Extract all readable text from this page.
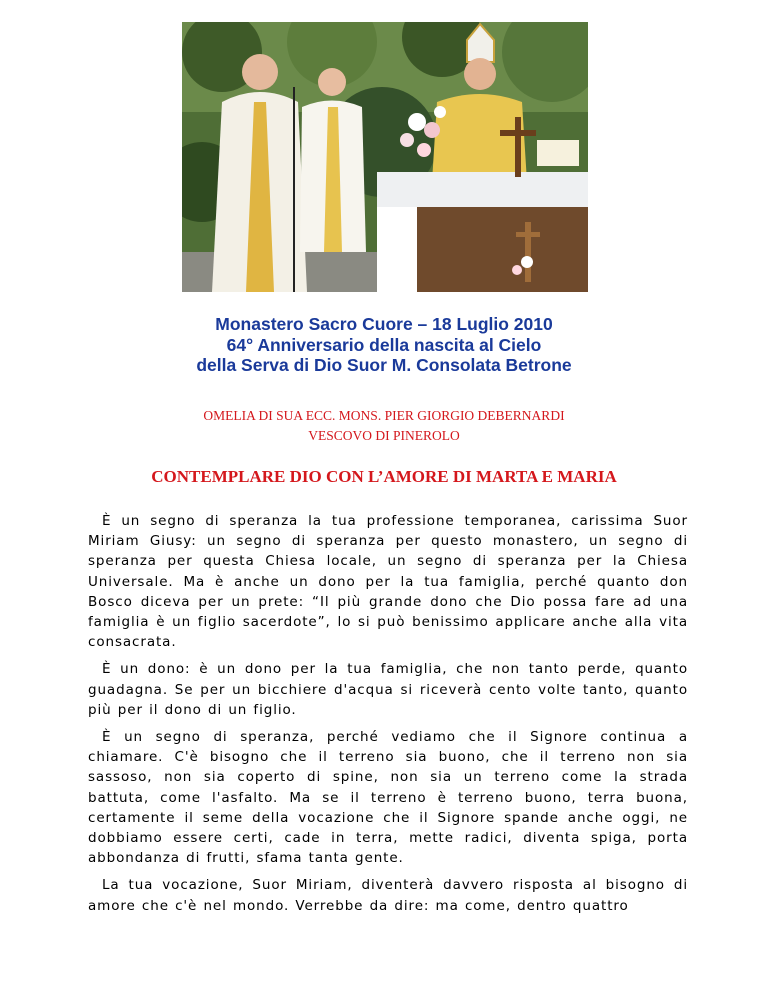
Monastero Sacro Cuore – 18 Luglio 2010
64° Anniversario della nascita al Cielo
della Serva di Dio Suor M. Consolata Betrone
OMELIA DI SUA ECC. MONS. PIER GIORGIO DEBERNARDI
VESCOVO DI PINEROLO
CONTEMPLARE DIO CON L’AMORE DI MARTA E MARIA

È un segno di speranza la tua professione temporanea, carissima Suor Miriam Giusy: un segno di speranza per questo monastero, un segno di speranza per questa Chiesa locale, un segno di speranza per la Chiesa Universale. Ma è anche un dono per la tua famiglia, perché quanto don Bosco diceva per un prete: “Il più grande dono che Dio possa fare ad una famiglia è un figlio sacerdote”, lo si può benissimo applicare anche alla vita consacrata.

È un dono: è un dono per la tua famiglia, che non tanto perde, quanto guadagna. Se per un bicchiere d'acqua si riceverà cento volte tanto, quanto più per il dono di un figlio.

È un segno di speranza, perché vediamo che il Signore continua a chiamare. C'è bisogno che il terreno sia buono, che il terreno non sia sassoso, non sia coperto di spine, non sia un terreno come la strada battuta, come l'asfalto. Ma se il terreno è terreno buono, terra buona, certamente il seme della vocazione che il Signore spande anche oggi, ne dobbiamo essere certi, cade in terra, mette radici, diventa spiga, porta abbondanza di frutti, sfama tanta gente.

La tua vocazione, Suor Miriam, diventerà davvero risposta al bisogno di amore che c'è nel mondo. Verrebbe da dire: ma come, dentro quattro
